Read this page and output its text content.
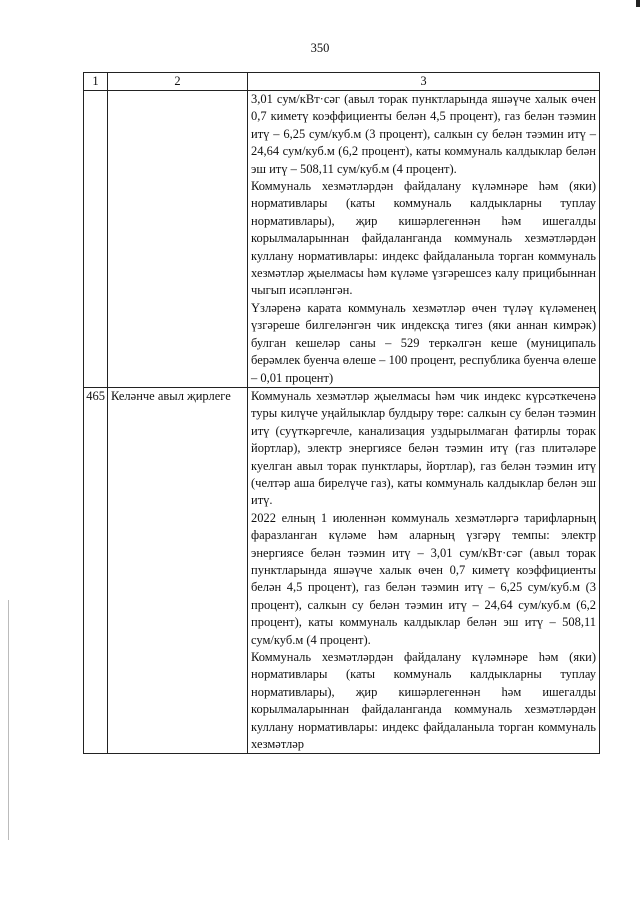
350
1	2	3

		3,01 сум/кВт·сәг (авыл торак пунктларында яшәүче халык өчен 0,7 киметү коэффициенты белән 4,5 процент), газ белән тәэмин итү – 6,25 сум/куб.м (3 процент), салкын су белән тәэмин итү – 24,64 сум/куб.м (6,2 процент), каты коммуналь калдыклар белән эш итү – 508,11 сум/куб.м (4 процент).

Коммуналь хезмәтләрдән файдалану күләмнәре һәм (яки) нормативлары (каты коммуналь калдыкларны туплау нормативлары), җир кишәрлегеннән һәм ишегалды корылмаларыннан файдаланганда коммуналь хезмәтләрдән куллану нормативлары: индекс файдаланыла торган коммуналь хезмәтләр җыелмасы һәм күләме үзгәрешсез калу прицибыннан чыгып исәпләнгән.

Үзләренә карата коммуналь хезмәтләр өчен түләү күләменең үзгәреше билгеләнгән чик индексқа тигез (яки аннан кимрәк) булган кешеләр саны – 529 теркәлгән кеше (муниципаль берәмлек буенча өлеше – 100 процент, республика буенча өлеше – 0,01 процент)

465	Келәнче авыл җирлеге	Коммуналь хезмәтләр җыелмасы һәм чик индекс күрсәткеченә туры килүче уңайлыклар булдыру төре: салкын су белән тәэмин итү (суүткәргечле, канализация уздырылмаган фатирлы торак йортлар), электр энергиясе белән тәэмин итү (газ плитәләре куелган авыл торак пунктлары, йортлар), газ белән тәэмин итү (челтәр аша бирелүче газ), каты коммуналь калдыклар белән эш итү.

2022 елның 1 июленнән коммуналь хезмәтләргә тарифларның фаразланган күләме һәм аларның үзгәрү темпы: электр энергиясе белән тәэмин итү – 3,01 сум/кВт·сәг (авыл торак пунктларында яшәүче халык өчен 0,7 киметү коэффициенты белән 4,5 процент), газ белән тәэмин итү – 6,25 сум/куб.м (3 процент), салкын су белән тәэмин итү – 24,64 сум/куб.м (6,2 процент), каты коммуналь калдыклар белән эш итү – 508,11 сум/куб.м (4 процент).

Коммуналь хезмәтләрдән файдалану күләмнәре һәм (яки) нормативлары (каты коммуналь калдыкларны туплау нормативлары), җир кишәрлегеннән һәм ишегалды корылмаларыннан файдаланганда коммуналь хезмәтләрдән куллану нормативлары: индекс файдаланыла торган коммуналь хезмәтләр
